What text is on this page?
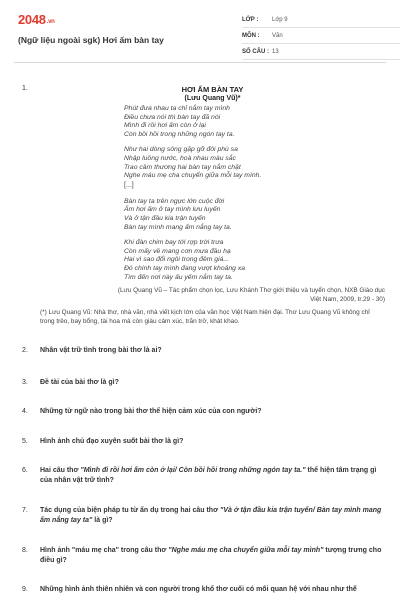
2048.vn
(Ngữ liệu ngoài sgk) Hơi ấm bàn tay
LỚP :	Lớp 9
MÔN :	Văn
SỐ CÂU : 13
1.	HƠI ẤM BÀN TAY
(Lưu Quang Vũ)*
Phút đưa nhau ta chỉ nắm tay mình
Điều chưa nói thì bàn tay đã nói
Mình đi rồi hơi ấm còn ở lại
Còn bồi hồi trong những ngón tay ta.
Như hai dòng sông gặp gỡ đôi phù sa
Nhập luồng nước, hoà nhau màu sắc
Trao cầm thương hai bàn tay nắm chặt
Nghe máu mẹ cha chuyển giữa mỗi tay mình.
[...]
Bàn tay ta trên ngực lớn cuộc đời
Ấm hơi ấm ở tay mình lưu luyến
Và ở tận đầu kia trận tuyến
Bàn tay mình mang ấm nắng tay ta.
Khi đàn chim bay tới rợp trời trưa
Còn mấy về mang cơn mưa đầu hạ
Hai vì sao đổi ngôi trong đêm giá...
Đó chính tay mình đang vượt khoảng xa
Tìm đến nơi này ấu yếm nắm tay ta.
(Lưu Quang Vũ – Tác phẩm chọn lọc, Lưu Khánh Thơ giới thiệu và tuyển chọn, NXB Giáo dục
Việt Nam, 2009, tr.29 - 30)
(*) Lưu Quang Vũ: Nhà thơ, nhà văn, nhà viết kịch lớn của văn học Việt Nam hiện đại. Thơ Lưu Quang Vũ không chỉ trong trẻo, bay bổng, tài hoa mà còn giàu cảm xúc, trăn trở, khát khao.
2.	Nhân vật trữ tình trong bài thơ là ai?
3.	Đề tài của bài thơ là gì?
4.	Những từ ngữ nào trong bài thơ thể hiện cảm xúc của con người?
5.	Hình ảnh chủ đạo xuyên suốt bài thơ là gì?
6.	Hai câu thơ "Mình đi rồi hơi ấm còn ở lại/ Còn bồi hồi trong những ngón tay ta." thể hiện tâm trạng gì của nhân vật trữ tình?
7.	Tác dụng của biện pháp tu từ ẩn dụ trong hai câu thơ "Và ở tận đầu kia trận tuyến/ Bàn tay mình mang ấm nắng tay ta" là gì?
8.	Hình ảnh "máu mẹ cha" trong câu thơ "Nghe máu mẹ cha chuyển giữa mỗi tay mình" tượng trưng cho điều gì?
9.	Những hình ảnh thiên nhiên và con người trong khổ thơ cuối có mối quan hệ với nhau như thế
